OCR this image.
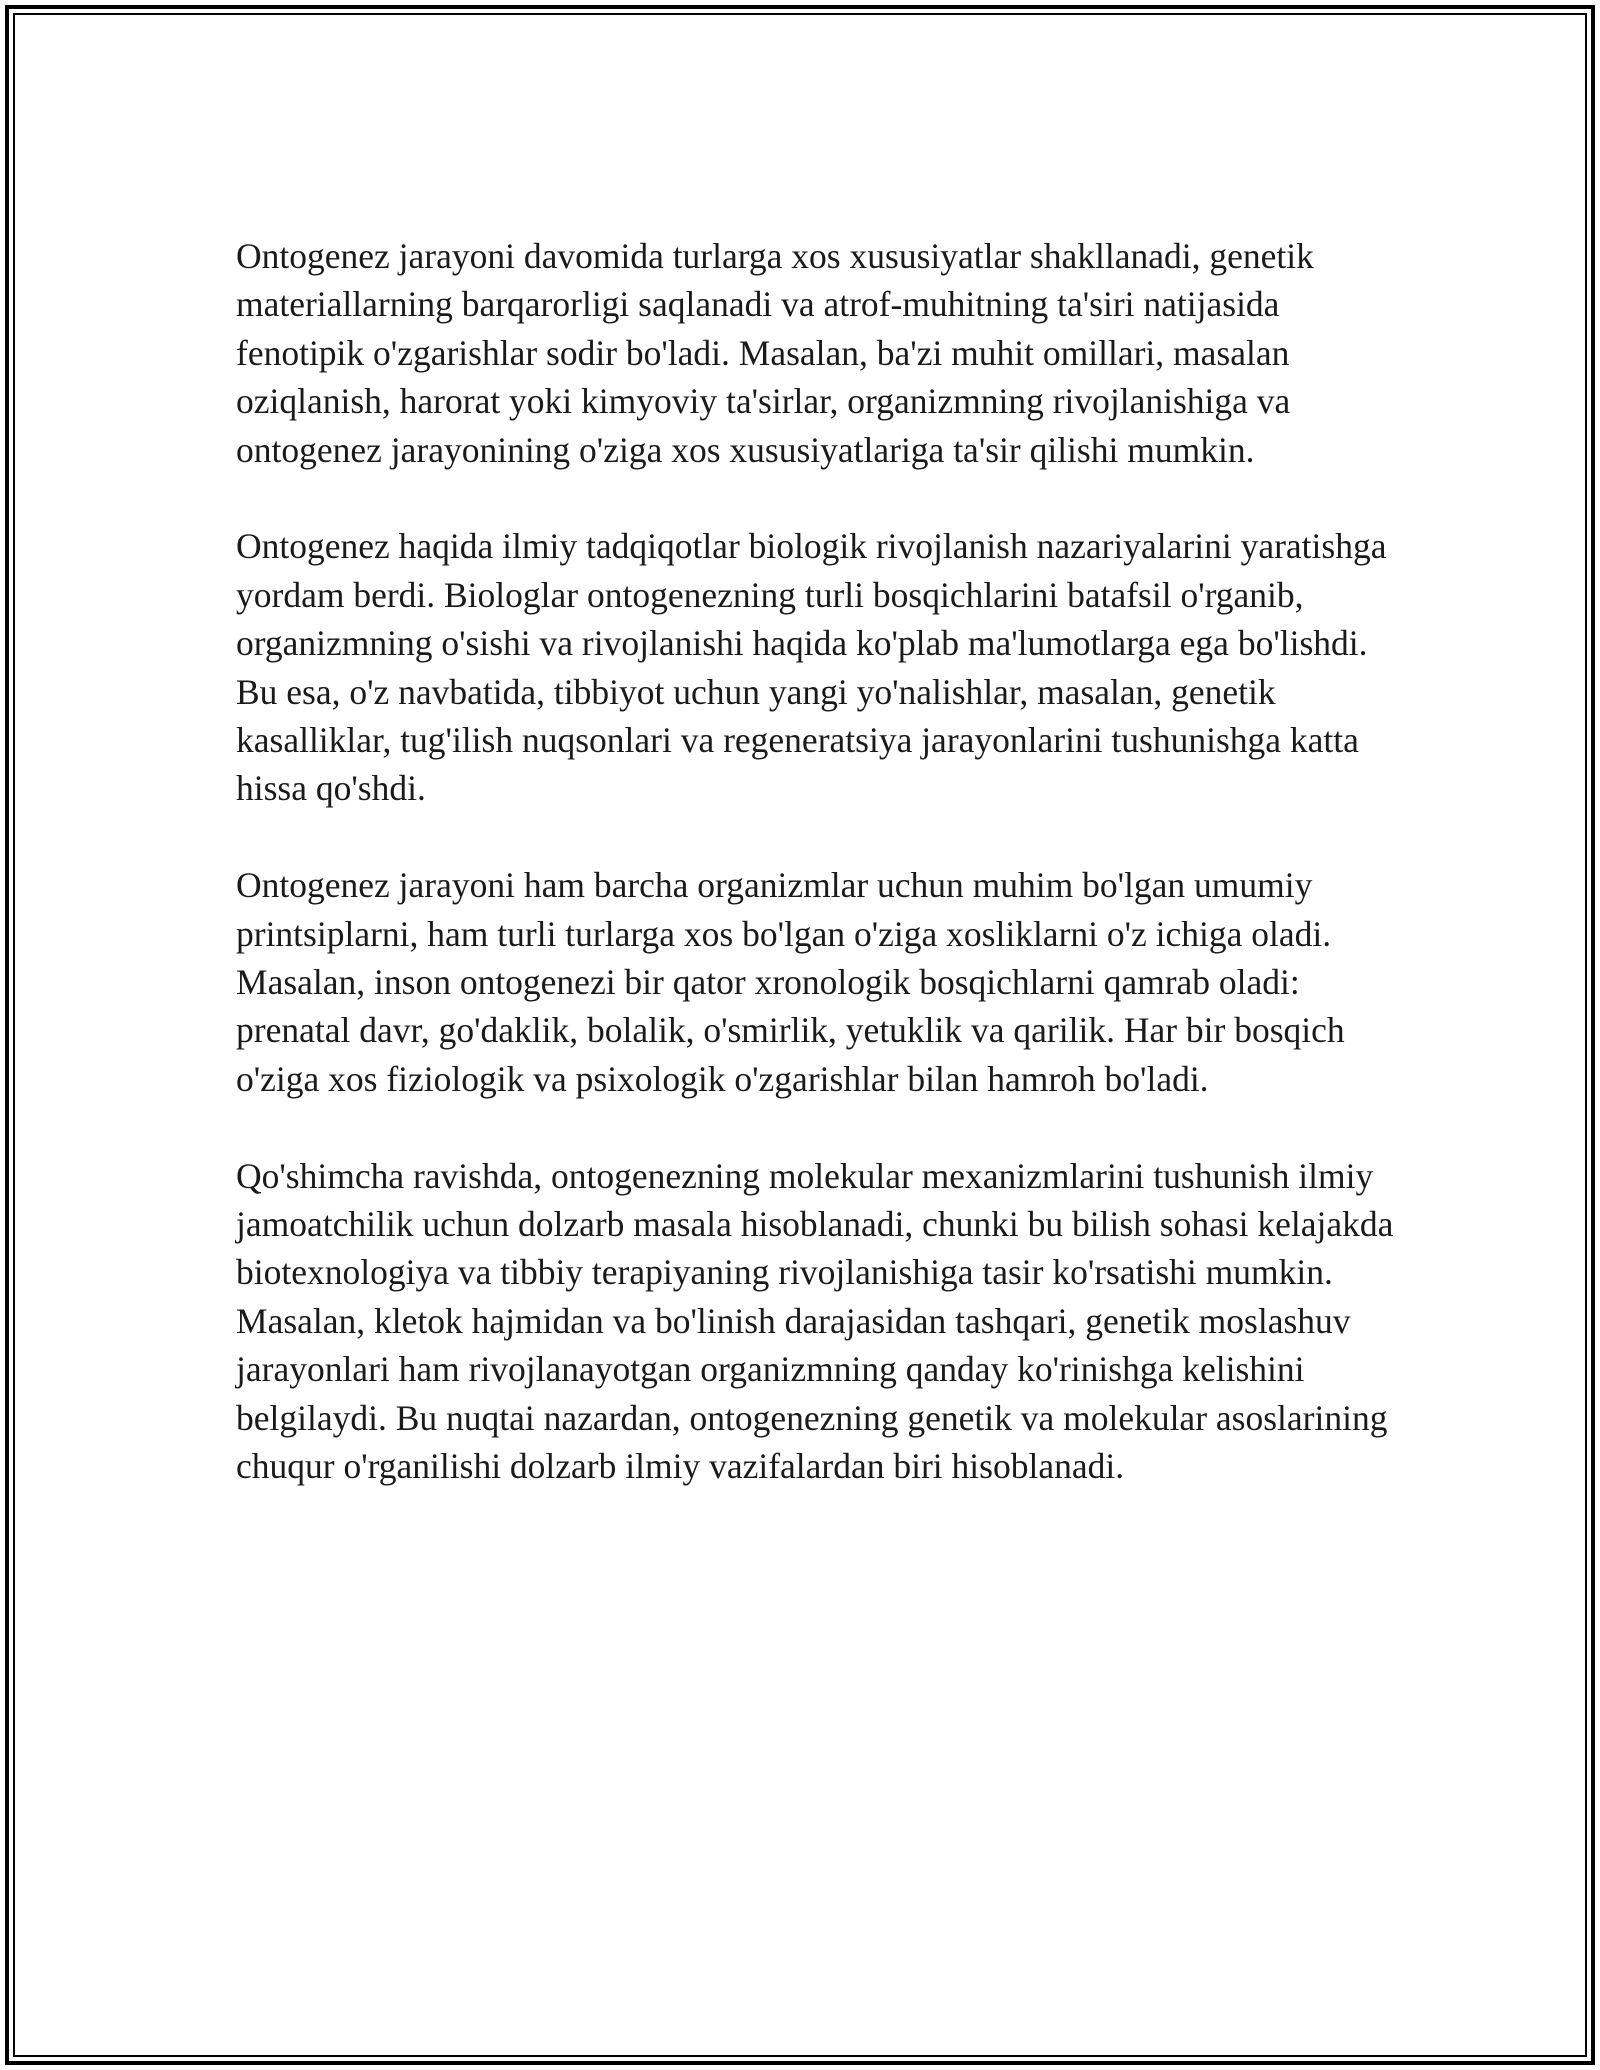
Ontogenez jarayoni davomida turlarga xos xususiyatlar shakllanadi, genetik materiallarning barqarorligi saqlanadi va atrof-muhitning ta'siri natijasida fenotipik o'zgarishlar sodir bo'ladi. Masalan, ba'zi muhit omillari, masalan oziqlanish, harorat yoki kimyoviy ta'sirlar, organizmning rivojlanishiga va ontogenez jarayonining o'ziga xos xususiyatlariga ta'sir qilishi mumkin.

Ontogenez haqida ilmiy tadqiqotlar biologik rivojlanish nazariyalarini yaratishga yordam berdi. Biologlar ontogenezning turli bosqichlarini batafsil o'rganib, organizmning o'sishi va rivojlanishi haqida ko'plab ma'lumotlarga ega bo'lishdi. Bu esa, o'z navbatida, tibbiyot uchun yangi yo'nalishlar, masalan, genetik kasalliklar, tug'ilish nuqsonlari va regeneratsiya jarayonlarini tushunishga katta hissa qo'shdi.

Ontogenez jarayoni ham barcha organizmlar uchun muhim bo'lgan umumiy printsiplarni, ham turli turlarga xos bo'lgan o'ziga xosliklarni o'z ichiga oladi. Masalan, inson ontogenezi bir qator xronologik bosqichlarni qamrab oladi: prenatal davr, go'daklik, bolalik, o'smirlik, yetuklik va qarilik. Har bir bosqich o'ziga xos fiziologik va psixologik o'zgarishlar bilan hamroh bo'ladi.

Qo'shimcha ravishda, ontogenezning molekular mexanizmlarini tushunish ilmiy jamoatchilik uchun dolzarb masala hisoblanadi, chunki bu bilish sohasi kelajakda biotexnologiya va tibbiy terapiyaning rivojlanishiga tasir ko'rsatishi mumkin. Masalan, kletok hajmidan va bo'linish darajasidan tashqari, genetik moslashuv jarayonlari ham rivojlanayotgan organizmning qanday ko'rinishga kelishini belgilaydi. Bu nuqtai nazardan, ontogenezning genetik va molekular asoslarining chuqur o'rganilishi dolzarb ilmiy vazifalardan biri hisoblanadi.
